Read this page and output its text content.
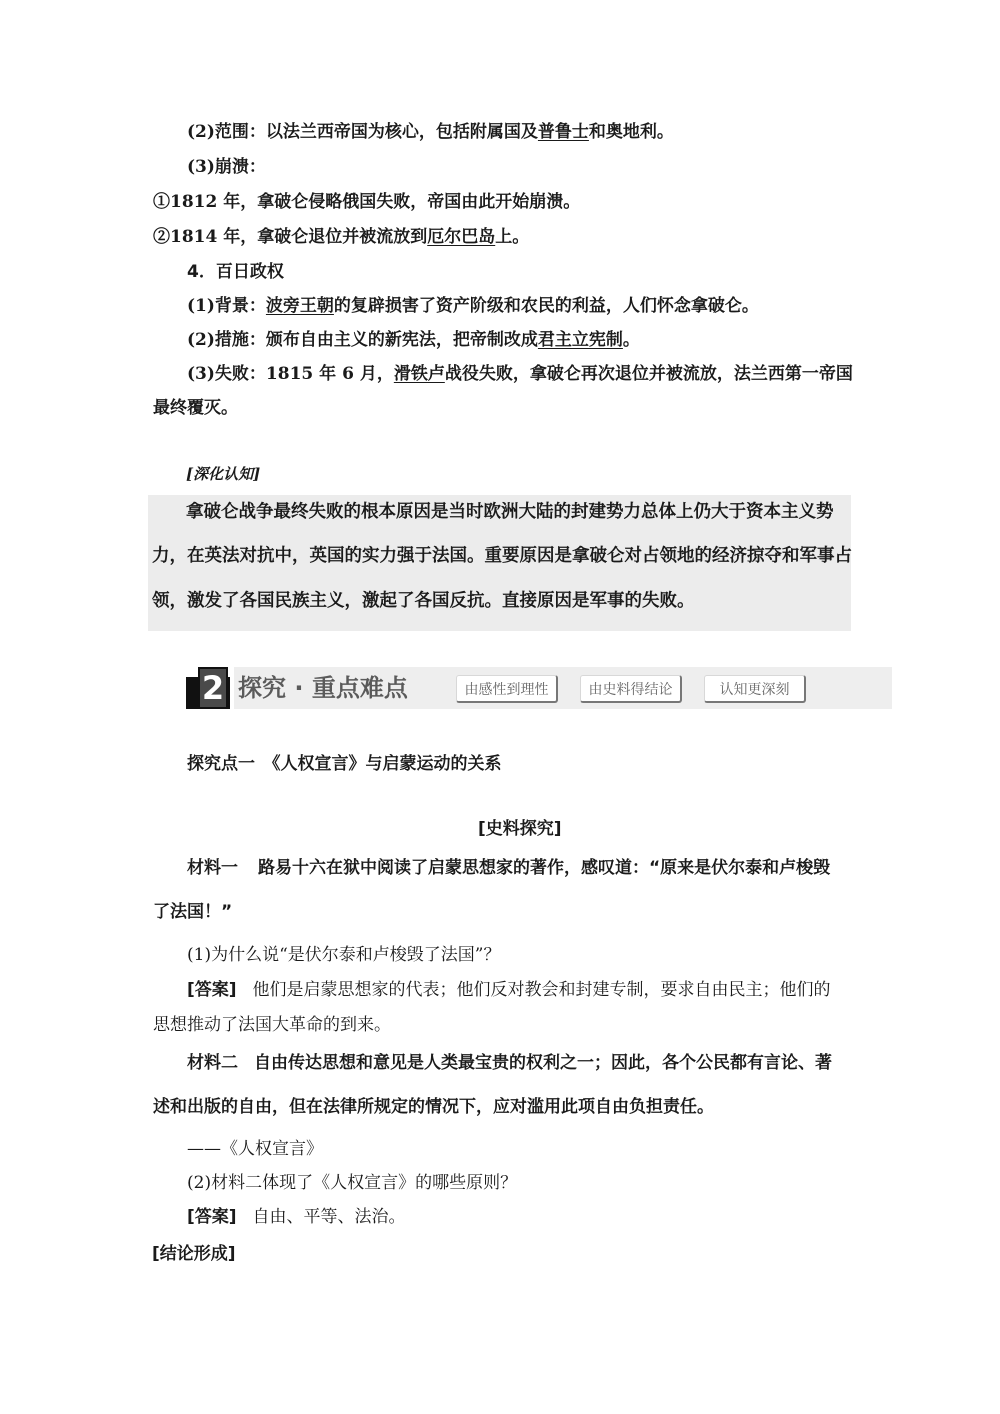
(2)范围：以法兰西帝国为核心，包括附属国及普鲁士和奥地利。
(3)崩溃：
①1812 年，拿破仑侵略俄国失败，帝国由此开始崩溃。
②1814 年，拿破仑退位并被流放到厄尔巴岛上。
4．百日政权
(1)背景：波旁王朝的复辟损害了资产阶级和农民的利益，人们怀念拿破仑。
(2)措施：颁布自由主义的新宪法，把帝制改成君主立宪制。
(3)失败：1815 年 6 月，滑铁卢战役失败，拿破仑再次退位并被流放，法兰西第一帝国
最终覆灭。
[深化认知]
拿破仑战争最终失败的根本原因是当时欧洲大陆的封建势力总体上仍大于资本主义势
力，在英法对抗中，英国的实力强于法国。重要原因是拿破仑对占领地的经济掠夺和军事占
领，激发了各国民族主义，激起了各国反抗。直接原因是军事的失败。
2 探究 · 重点难点	由感性到理性	由史料得结论	认知更深刻
探究点一　《人权宣言》与启蒙运动的关系
[史料探究]
材料一 路易十六在狱中阅读了启蒙思想家的著作，感叹道：“原来是伏尔泰和卢梭毁
了法国！”
(1)为什么说“是伏尔泰和卢梭毁了法国”？
[答案] 他们是启蒙思想家的代表；他们反对教会和封建专制，要求自由民主；他们的
思想推动了法国大革命的到来。
材料二 自由传达思想和意见是人类最宝贵的权利之一；因此，各个公民都有言论、著
述和出版的自由，但在法律所规定的情况下，应对滥用此项自由负担责任。
——《人权宣言》
(2)材料二体现了《人权宣言》的哪些原则？
[答案] 自由、平等、法治。
[结论形成]
